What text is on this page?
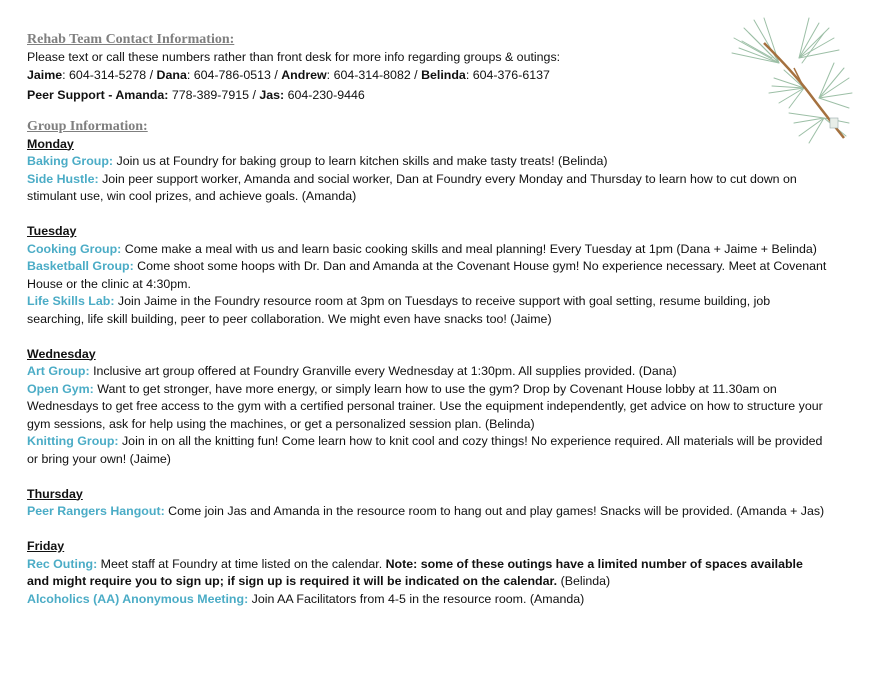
Rehab Team Contact Information:

Please text or call these numbers rather than front desk for more info regarding groups & outings:

Jaime: 604-314-5278 / Dana: 604-786-0513 / Andrew: 604-314-8082 / Belinda: 604-376-6137

Peer Support - Amanda: 778-389-7915 / Jas: 604-230-9446

Group Information:
Monday

Baking Group: Join us at Foundry for baking group to learn kitchen skills and make tasty treats! (Belinda)

Side Hustle: Join peer support worker, Amanda and social worker, Dan at Foundry every Monday and Thursday to learn how to cut down on stimulant use, win cool prizes, and achieve goals. (Amanda)

Tuesday

Cooking Group: Come make a meal with us and learn basic cooking skills and meal planning! Every Tuesday at 1pm (Dana + Jaime + Belinda)

Basketball Group: Come shoot some hoops with Dr. Dan and Amanda at the Covenant House gym! No experience necessary. Meet at Covenant House or the clinic at 4:30pm.

Life Skills Lab: Join Jaime in the Foundry resource room at 3pm on Tuesdays to receive support with goal setting, resume building, job searching, life skill building, peer to peer collaboration. We might even have snacks too! (Jaime)

Wednesday

Art Group: Inclusive art group offered at Foundry Granville every Wednesday at 1:30pm. All supplies provided. (Dana)

Open Gym: Want to get stronger, have more energy, or simply learn how to use the gym? Drop by Covenant House lobby at 11.30am on Wednesdays to get free access to the gym with a certified personal trainer. Use the equipment independently, get advice on how to structure your gym sessions, ask for help using the machines, or get a personalized session plan. (Belinda)

Knitting Group: Join in on all the knitting fun! Come learn how to knit cool and cozy things! No experience required. All materials will be provided or bring your own! (Jaime)

Thursday

Peer Rangers Hangout: Come join Jas and Amanda in the resource room to hang out and play games! Snacks will be provided. (Amanda + Jas)

Friday

Rec Outing: Meet staff at Foundry at time listed on the calendar. Note: some of these outings have a limited number of spaces available and might require you to sign up; if sign up is required it will be indicated on the calendar. (Belinda)

Alcoholics (AA) Anonymous Meeting: Join AA Facilitators from 4-5 in the resource room. (Amanda)
